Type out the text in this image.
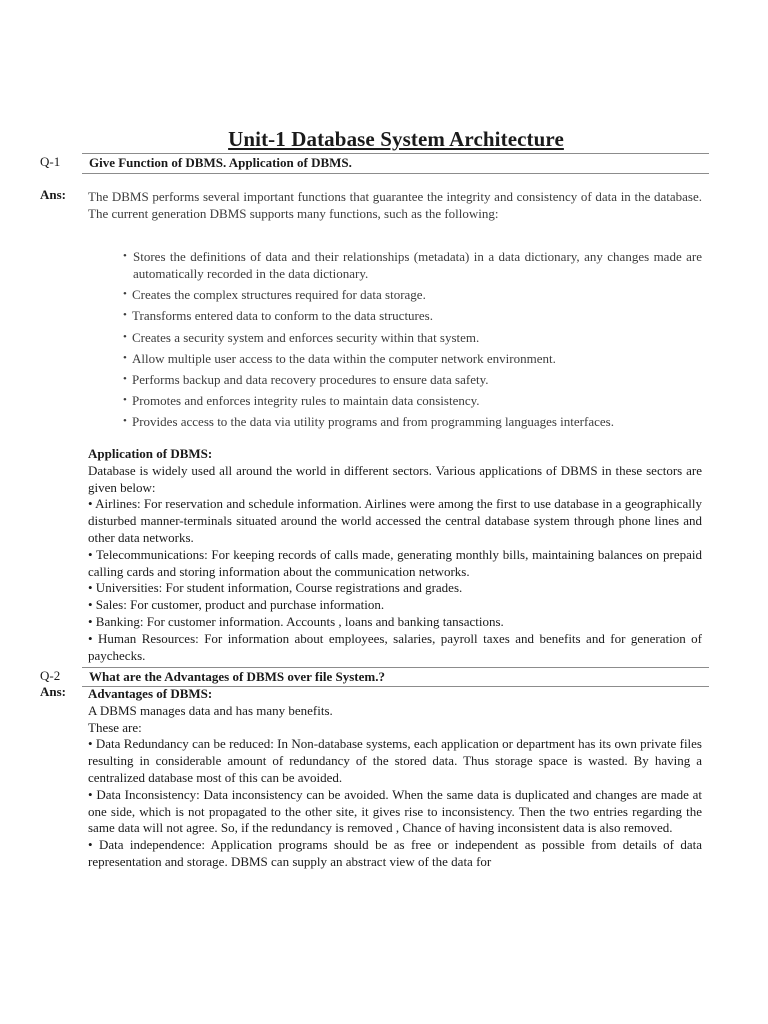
Unit-1 Database System Architecture
Q-1 Give Function of DBMS. Application of DBMS.
Ans: The DBMS performs several important functions that guarantee the integrity and consistency of data in the database. The current generation DBMS supports many functions, such as the following:

• Stores the definitions of data and their relationships (metadata) in a data dictionary, any changes made are automatically recorded in the data dictionary.
• Creates the complex structures required for data storage.
• Transforms entered data to conform to the data structures.
• Creates a security system and enforces security within that system.
• Allow multiple user access to the data within the computer network environment.
• Performs backup and data recovery procedures to ensure data safety.
• Promotes and enforces integrity rules to maintain data consistency.
• Provides access to the data via utility programs and from programming languages interfaces.

Application of DBMS:

Database is widely used all around the world in different sectors. Various applications of DBMS in these sectors are given below:

• Airlines: For reservation and schedule information. Airlines were among the first to use database in a geographically disturbed manner-terminals situated around the world accessed the central database system through phone lines and other data networks.

• Telecommunications: For keeping records of calls made, generating monthly bills, maintaining balances on prepaid calling cards and storing information about the communication networks.

• Universities: For student information, Course registrations and grades.

• Sales: For customer, product and purchase information.

• Banking: For customer information. Accounts , loans and banking tansactions.

• Human Resources: For information about employees, salaries, payroll taxes and benefits and for generation of paychecks.

Q-2 What are the Advantages of DBMS over file System.?
Ans: Advantages of DBMS:

A DBMS manages data and has many benefits.

These are:

• Data Redundancy can be reduced: In Non-database systems, each application or department has its own private files resulting in considerable amount of redundancy of the stored data. Thus storage space is wasted. By having a centralized database most of this can be avoided.

• Data Inconsistency: Data inconsistency can be avoided. When the same data is duplicated and changes are made at one side, which is not propagated to the other site, it gives rise to inconsistency. Then the two entries regarding the same data will not agree. So, if the redundancy is removed , Chance of having inconsistent data is also removed.

• Data independence: Application programs should be as free or independent as possible from details of data representation and storage. DBMS can supply an abstract view of the data for
